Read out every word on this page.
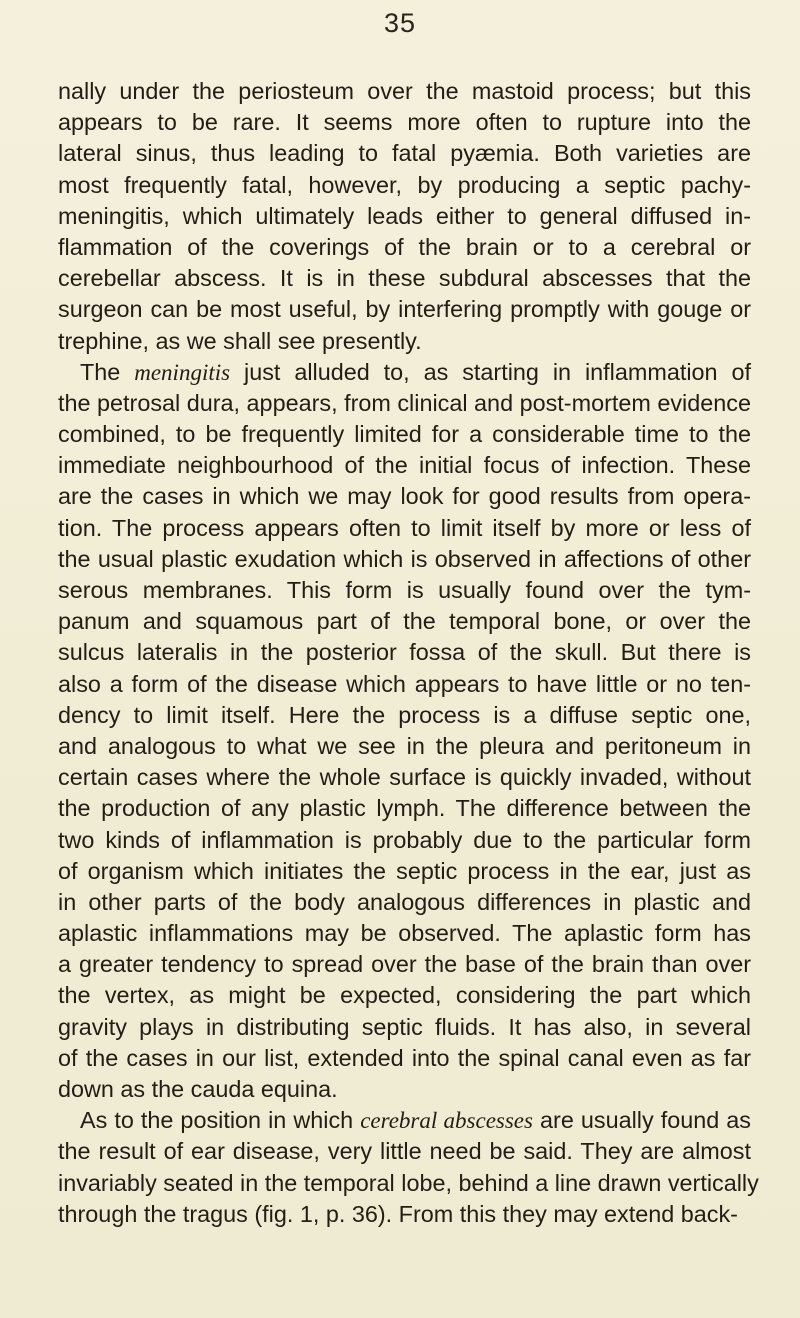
35
nally under the periosteum over the mastoid process; but this
appears to be rare. It seems more often to rupture into the
lateral sinus, thus leading to fatal pyæmia. Both varieties are
most frequently fatal, however, by producing a septic pachy-
meningitis, which ultimately leads either to general diffused in-
flammation of the coverings of the brain or to a cerebral or
cerebellar abscess. It is in these subdural abscesses that the
surgeon can be most useful, by interfering promptly with gouge or
trephine, as we shall see presently.
The meningitis just alluded to, as starting in inflammation of
the petrosal dura, appears, from clinical and post-mortem evidence
combined, to be frequently limited for a considerable time to the
immediate neighbourhood of the initial focus of infection. These
are the cases in which we may look for good results from opera-
tion. The process appears often to limit itself by more or less of
the usual plastic exudation which is observed in affections of other
serous membranes. This form is usually found over the tym-
panum and squamous part of the temporal bone, or over the
sulcus lateralis in the posterior fossa of the skull. But there is
also a form of the disease which appears to have little or no ten-
dency to limit itself. Here the process is a diffuse septic one,
and analogous to what we see in the pleura and peritoneum in
certain cases where the whole surface is quickly invaded, without
the production of any plastic lymph. The difference between the
two kinds of inflammation is probably due to the particular form
of organism which initiates the septic process in the ear, just as
in other parts of the body analogous differences in plastic and
aplastic inflammations may be observed. The aplastic form has
a greater tendency to spread over the base of the brain than over
the vertex, as might be expected, considering the part which
gravity plays in distributing septic fluids. It has also, in several
of the cases in our list, extended into the spinal canal even as far
down as the cauda equina.
As to the position in which cerebral abscesses are usually found as
the result of ear disease, very little need be said. They are almost
invariably seated in the temporal lobe, behind a line drawn vertically
through the tragus (fig. 1, p. 36). From this they may extend back-
